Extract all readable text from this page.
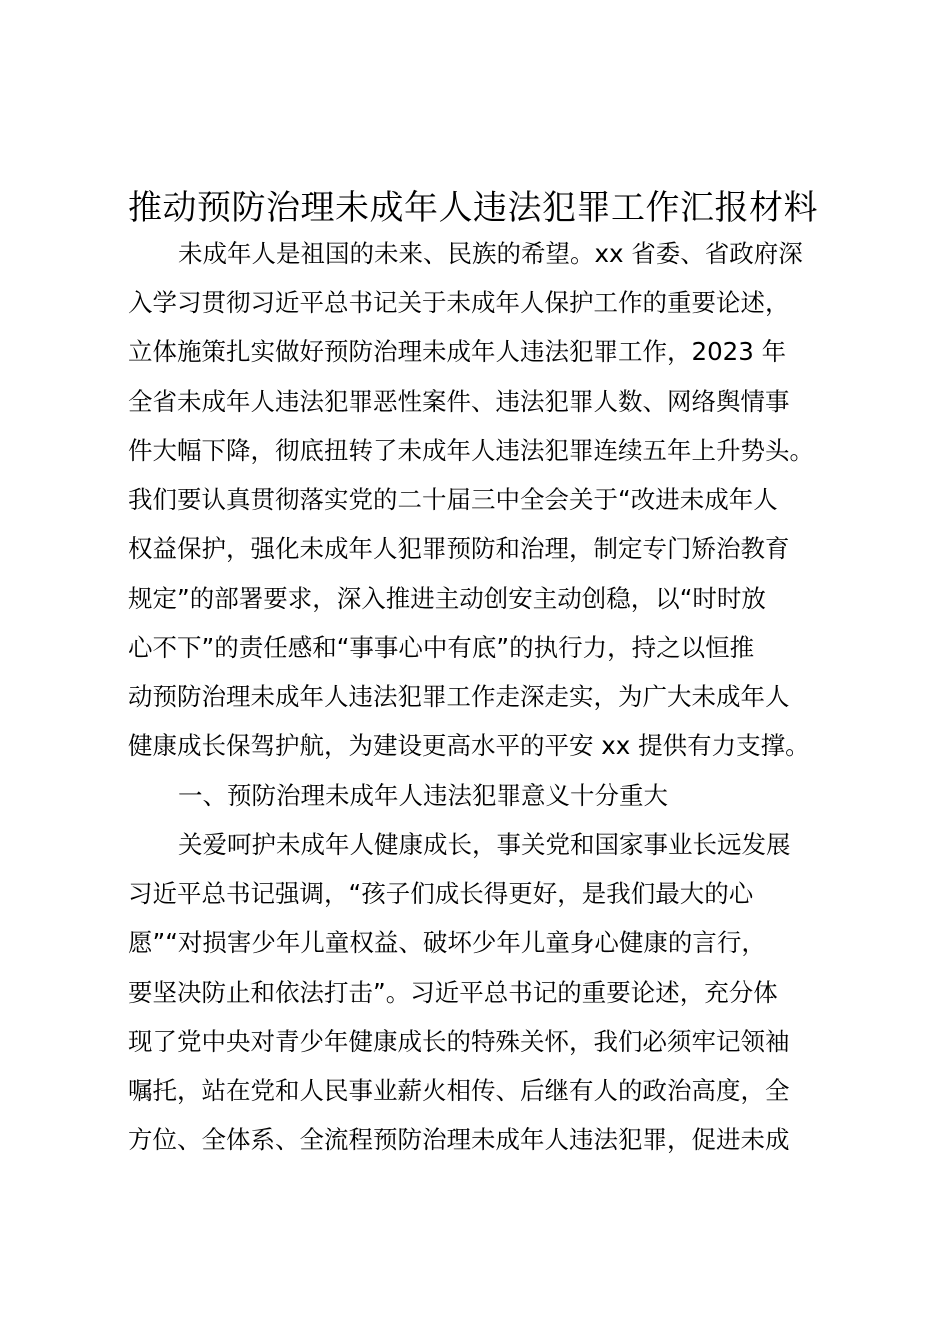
推动预防治理未成年人违法犯罪工作汇报材料

未成年人是祖国的未来、民族的希望。xx 省委、省政府深

入学习贯彻习近平总书记关于未成年人保护工作的重要论述，

立体施策扎实做好预防治理未成年人违法犯罪工作，2023 年

全省未成年人违法犯罪恶性案件、违法犯罪人数、网络舆情事

件大幅下降，彻底扭转了未成年人违法犯罪连续五年上升势头。

我们要认真贯彻落实党的二十届三中全会关于“改进未成年人

权益保护，强化未成年人犯罪预防和治理，制定专门矫治教育

规定”的部署要求，深入推进主动创安主动创稳，以“时时放

心不下”的责任感和“事事心中有底”的执行力，持之以恒推

动预防治理未成年人违法犯罪工作走深走实，为广大未成年人

健康成长保驾护航，为建设更高水平的平安 xx 提供有力支撑。

一、预防治理未成年人违法犯罪意义十分重大

关爱呵护未成年人健康成长，事关党和国家事业长远发展

习近平总书记强调，“孩子们成长得更好，是我们最大的心

愿”“对损害少年儿童权益、破坏少年儿童身心健康的言行，

要坚决防止和依法打击”。习近平总书记的重要论述，充分体

现了党中央对青少年健康成长的特殊关怀，我们必须牢记领袖

嘱托，站在党和人民事业薪火相传、后继有人的政治高度，全

方位、全体系、全流程预防治理未成年人违法犯罪，促进未成
